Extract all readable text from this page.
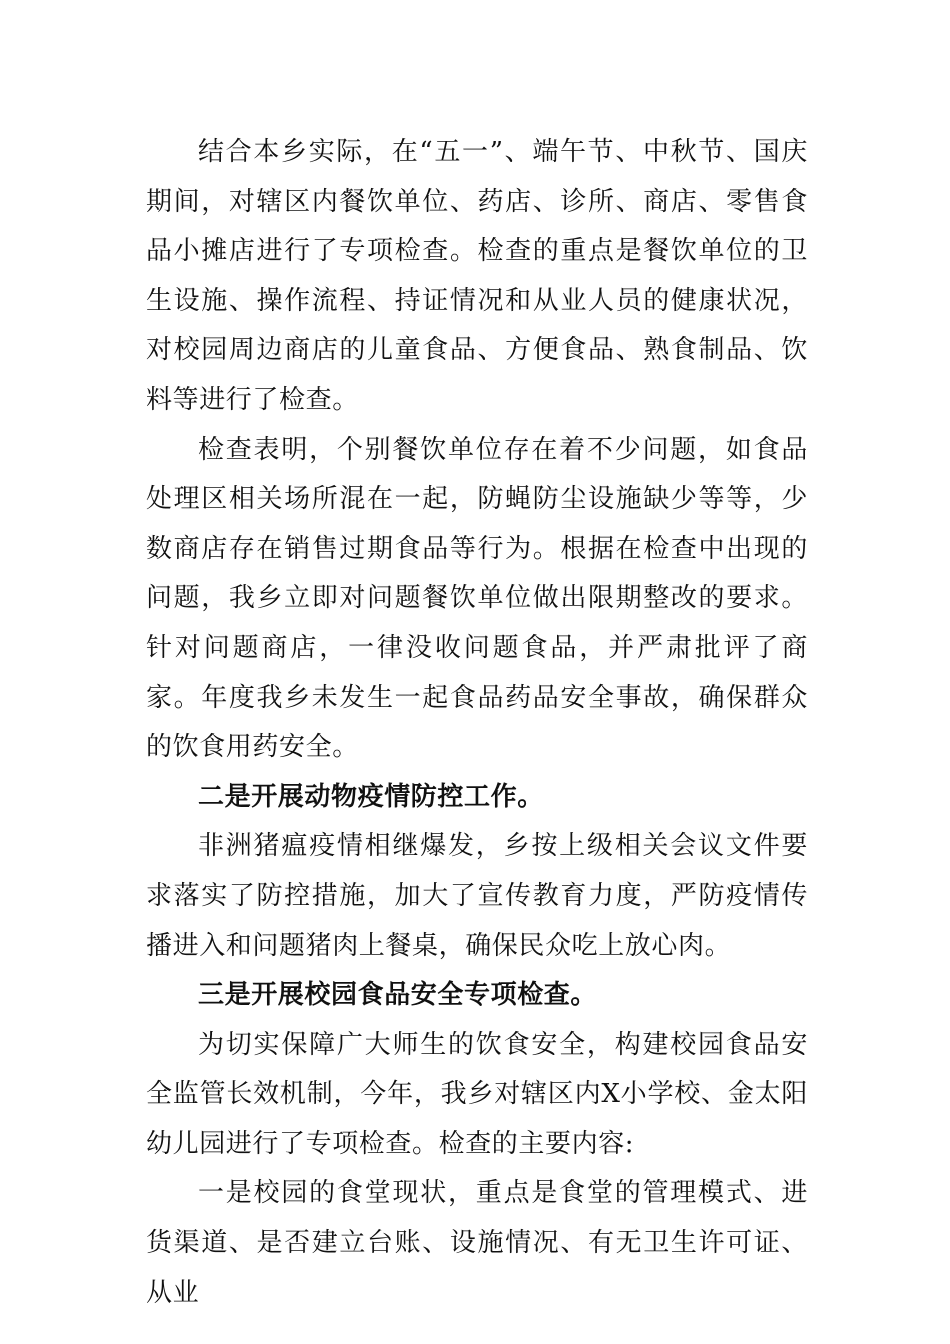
结合本乡实际，在“五一”、端午节、中秋节、国庆期间，对辖区内餐饮单位、药店、诊所、商店、零售食品小摊店进行了专项检查。检查的重点是餐饮单位的卫生设施、操作流程、持证情况和从业人员的健康状况，对校园周边商店的儿童食品、方便食品、熟食制品、饮料等进行了检查。

检查表明，个别餐饮单位存在着不少问题，如食品处理区相关场所混在一起，防蝇防尘设施缺少等等，少数商店存在销售过期食品等行为。根据在检查中出现的问题，我乡立即对问题餐饮单位做出限期整改的要求。针对问题商店，一律没收问题食品，并严肃批评了商家。年度我乡未发生一起食品药品安全事故，确保群众的饮食用药安全。

二是开展动物疫情防控工作。

非洲猪瘟疫情相继爆发，乡按上级相关会议文件要求落实了防控措施，加大了宣传教育力度，严防疫情传播进入和问题猪肉上餐桌，确保民众吃上放心肉。

三是开展校园食品安全专项检查。

为切实保障广大师生的饮食安全，构建校园食品安全监管长效机制，今年，我乡对辖区内X小学校、金太阳幼儿园进行了专项检查。检查的主要内容:

一是校园的食堂现状，重点是食堂的管理模式、进货渠道、是否建立台账、设施情况、有无卫生许可证、从业
